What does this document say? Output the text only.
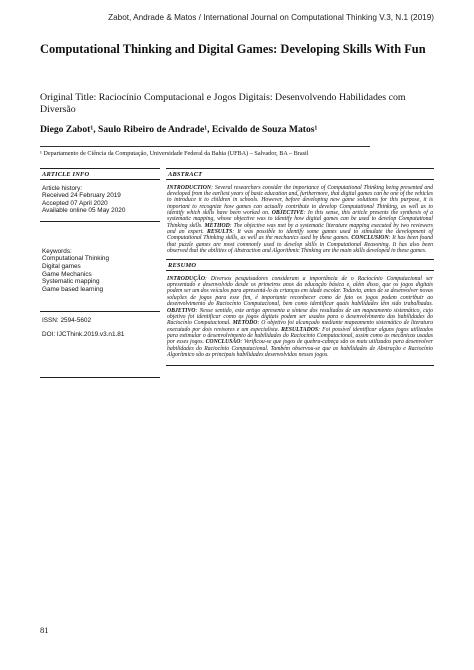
Zabot, Andrade & Matos / International Journal on Computational Thinking V.3, N.1 (2019)
Computational Thinking and Digital Games: Developing Skills With Fun
Original Title: Raciocínio Computacional e Jogos Digitais: Desenvolvendo Habilidades com Diversão
Diego Zabot¹, Saulo Ribeiro de Andrade¹, Ecivaldo de Souza Matos¹
¹ Departamento de Ciência da Computação, Universidade Federal da Bahia (UFBA) – Salvador, BA – Brasil
ARTICLE INFO
Article history:
Received 24 February 2019
Accepted 07 April 2020
Available online 05 May 2020
Keywords:
Computational Thinking
Digital games
Game Mechanics
Systematic mapping
Game based learning
ISSN: 2594-5602
DOI: IJCThink.2019.v3.n1.81
ABSTRACT

INTRODUCTION: Several researchers consider the importance of Computational Thinking being presented and developed from the earliest years of basic education and, furthermore, that digital games can be one of the vehicles to introduce it to children in schools. However, before developing new game solutions for this purpose, it is important to recognize how games can actually contribute to develop Computational Thinking, as well as to identify which skills have been worked on. OBJECTIVE: In this sense, this article presents the synthesis of a systematic mapping, whose objective was to identify how digital games can be used to develop Computational Thinking skills. METHOD: The objective was met by a systematic literature mapping executed by two reviewers and an expert. RESULTS: It was possible to identify some games used to stimulate the development of Computational Thinking skills, as well as the mechanics used by these games. CONCLUSION: It has been found that puzzle games are most commonly used to develop skills in Computational Reasoning. It has also been observed that the abilities of Abstraction and Algorithmic Thinking are the main skills developed in these games.

RESUMO

INTRODUÇÃO: Diversos pesquisadores consideram a importância de o Raciocínio Computacional ser apresentado e desenvolvido desde os primeiros anos da educação básica e, além disso, que os jogos digitais podem ser um dos veículos para apresentá-lo às crianças em idade escolar. Todavia, antes de se desenvolver novas soluções de jogos para esse fim, é importante reconhecer como de fato os jogos podem contribuir ao desenvolvimento do Raciocínio Computacional, bem como identificar quais habilidades têm sido trabalhadas. OBJETIVO: Nesse sentido, este artigo apresenta a síntese dos resultados de um mapeamento sistemático, cujo objetivo foi identificar como os jogos digitais podem ser usados para o desenvolvimento das habilidades do Raciocínio Computacional. MÉTODO: O objetivo foi alcançado mediante mapeamento sistemático de literatura executado por dois revisores e um especialista. RESULTADOS: Foi possível identificar alguns jogos utilizados para estimular o desenvolvimento de habilidades do Raciocínio Computacional, assim como as mecânicas usadas por esses jogos. CONCLUSÃO: Verificou-se que jogos de quebra-cabeça são os mais utilizados para desenvolver habilidades do Raciocínio Computacional. Também observou-se que as habilidades de Abstração e Raciocínio Algorítmico são as principais habilidades desenvolvidas nesses jogos.

81
